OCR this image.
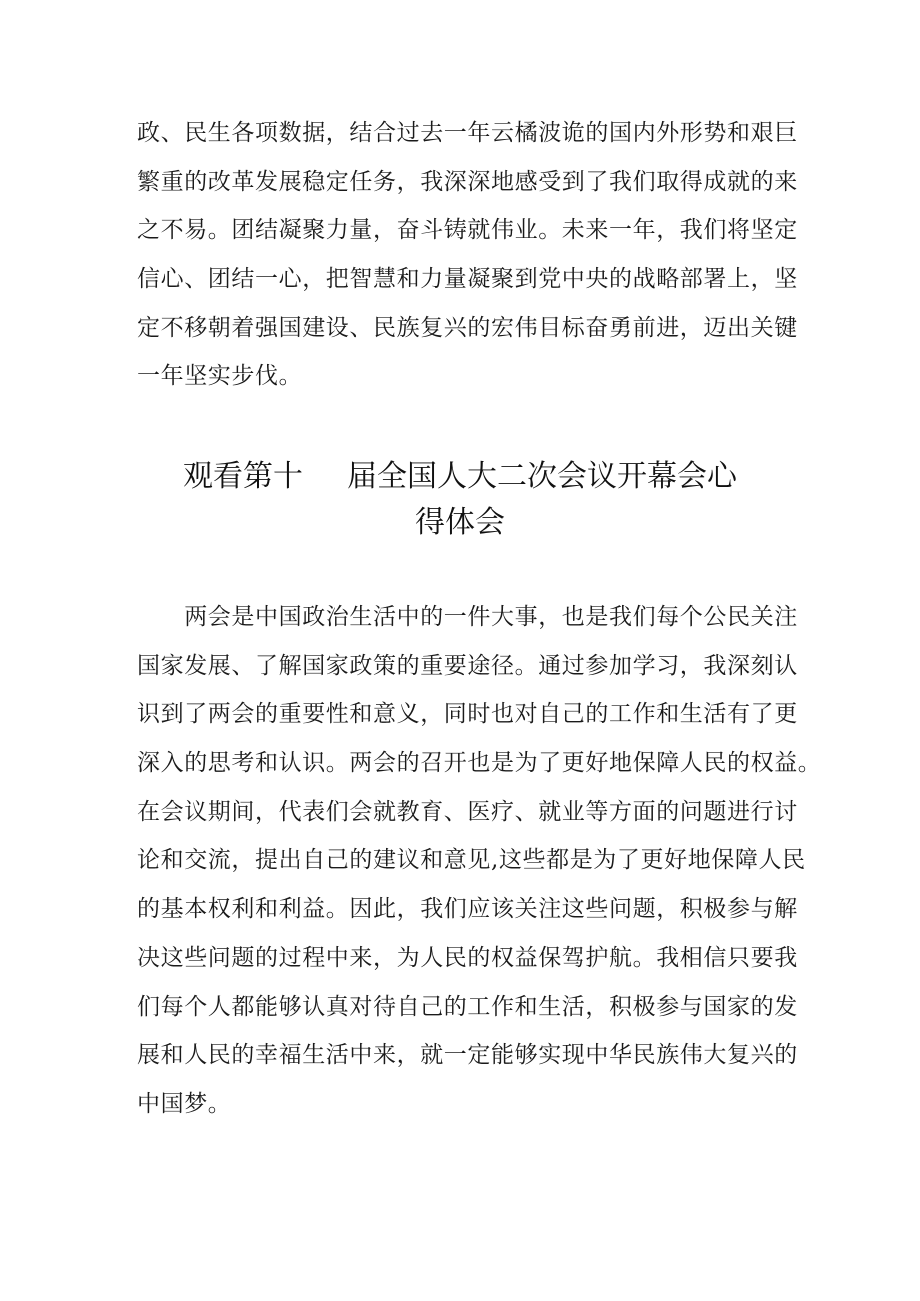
政、民生各项数据，结合过去一年云橘波诡的国内外形势和艰巨
繁重的改革发展稳定任务，我深深地感受到了我们取得成就的来
之不易。团结凝聚力量，奋斗铸就伟业。未来一年，我们将坚定
信心、团结一心，把智慧和力量凝聚到党中央的战略部署上，坚
定不移朝着强国建设、民族复兴的宏伟目标奋勇前进，迈出关键
一年坚实步伐。

观看第十 届全国人大二次会议开幕会心
得体会

　　两会是中国政治生活中的一件大事，也是我们每个公民关注
国家发展、了解国家政策的重要途径。通过参加学习，我深刻认
识到了两会的重要性和意义，同时也对自己的工作和生活有了更
深入的思考和认识。两会的召开也是为了更好地保障人民的权益。
在会议期间，代表们会就教育、医疗、就业等方面的问题进行讨
论和交流，提出自己的建议和意见,这些都是为了更好地保障人民
的基本权利和利益。因此，我们应该关注这些问题，积极参与解
决这些问题的过程中来，为人民的权益保驾护航。我相信只要我
们每个人都能够认真对待自己的工作和生活，积极参与国家的发
展和人民的幸福生活中来，就一定能够实现中华民族伟大复兴的
中国梦。
